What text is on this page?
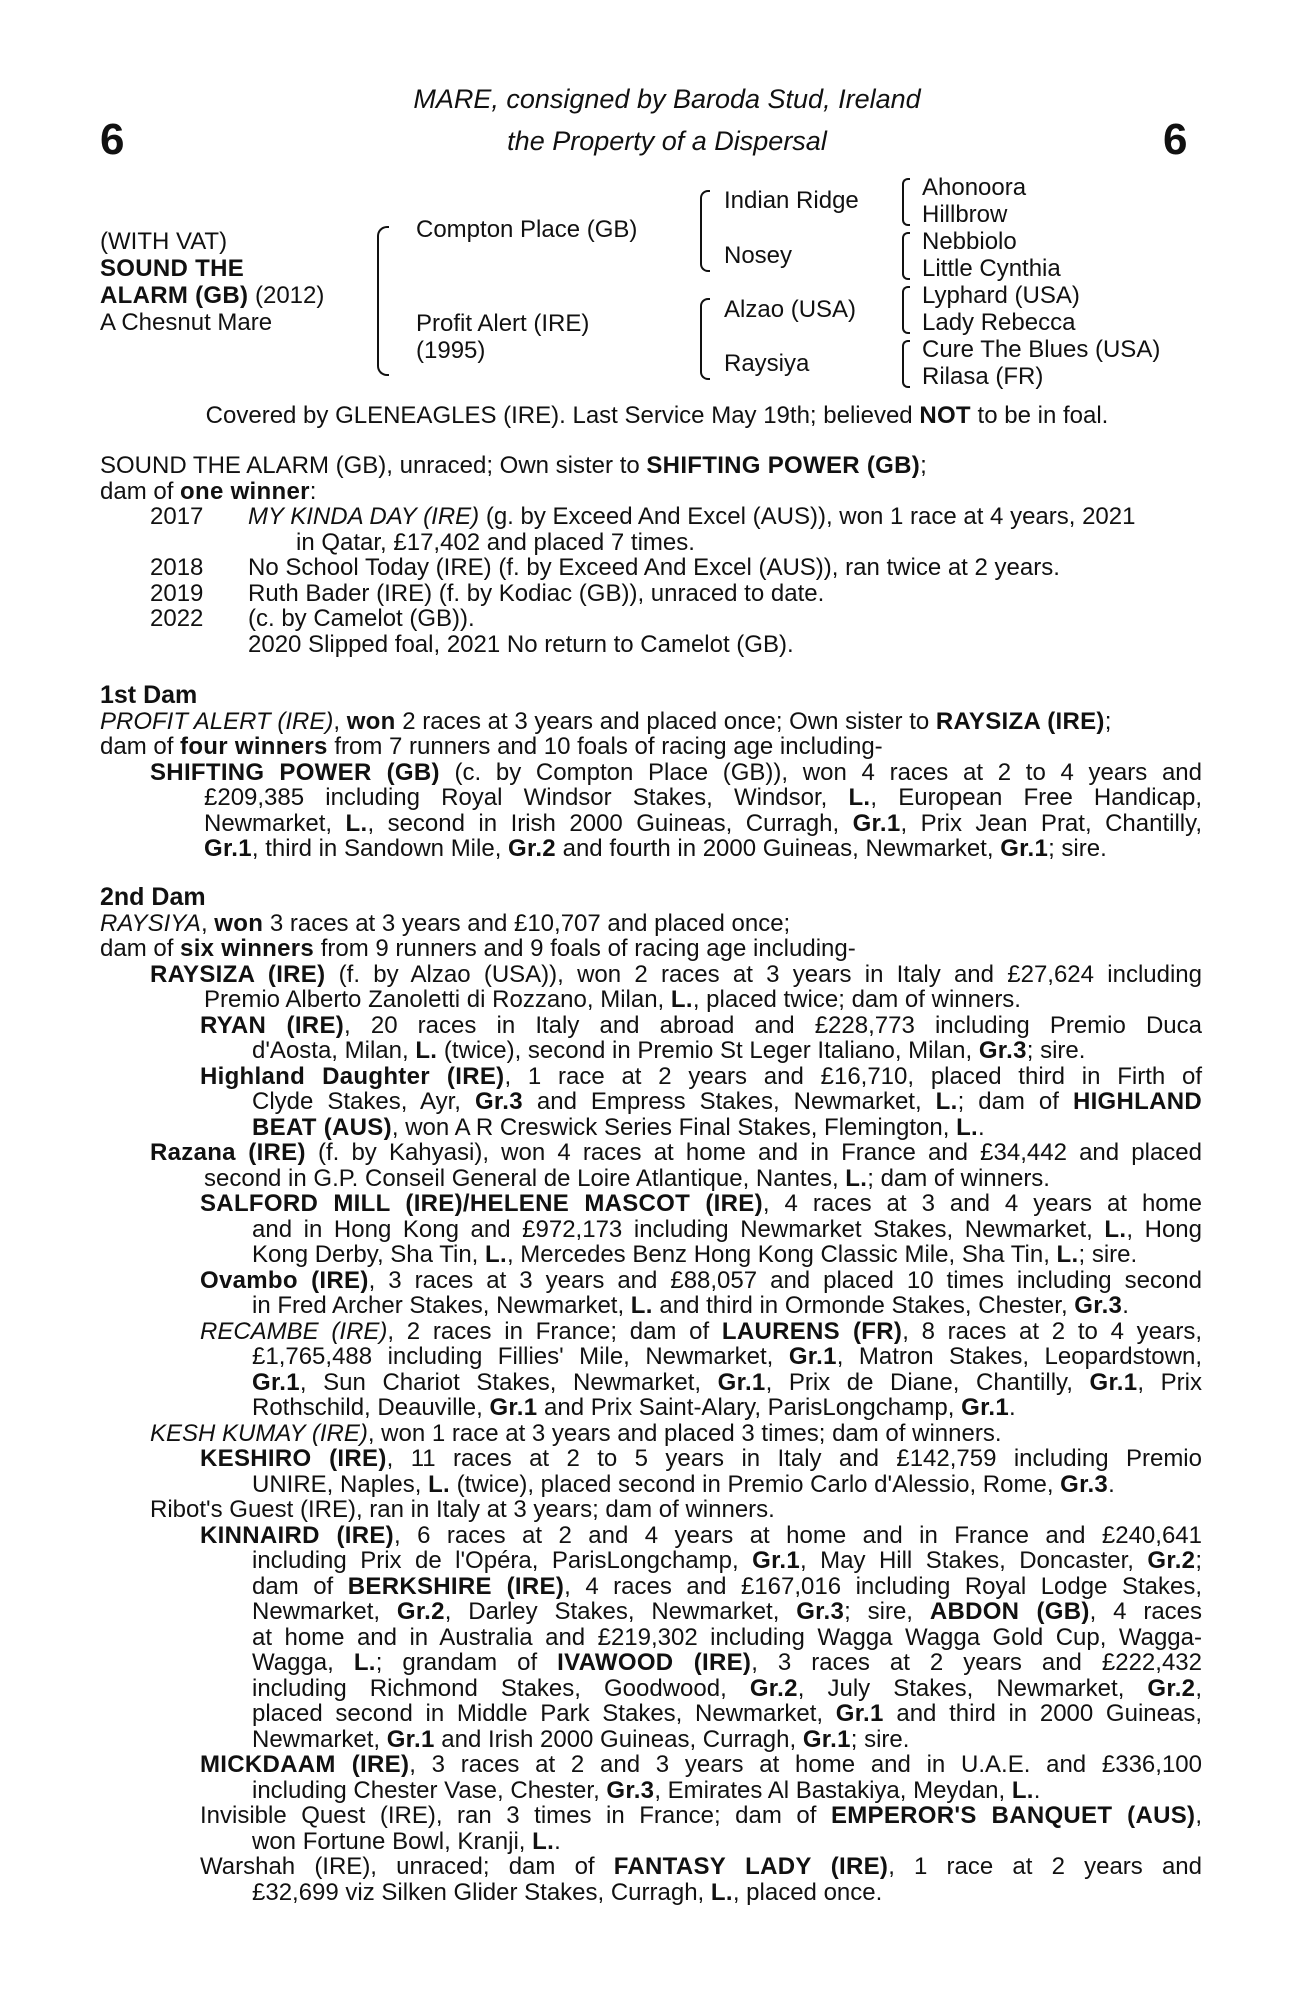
6	6
MARE, consigned by Baroda Stud, Ireland
the Property of a Dispersal
(WITH VAT)
SOUND THE
ALARM (GB) (2012)
A Chesnut Mare
Compton Place (GB)
Profit Alert (IRE)
(1995)
Indian Ridge
Nosey
Alzao (USA)
Raysiya
Ahonoora
Hillbrow
Nebbiolo
Little Cynthia
Lyphard (USA)
Lady Rebecca
Cure The Blues (USA)
Rilasa (FR)
Covered by GLENEAGLES (IRE). Last Service May 19th; believed NOT to be in foal.
SOUND THE ALARM (GB), unraced; Own sister to SHIFTING POWER (GB);
dam of one winner:
2017 MY KINDA DAY (IRE) (g. by Exceed And Excel (AUS)), won 1 race at 4 years, 2021
in Qatar, £17,402 and placed 7 times.
2018 No School Today (IRE) (f. by Exceed And Excel (AUS)), ran twice at 2 years.
2019 Ruth Bader (IRE) (f. by Kodiac (GB)), unraced to date.
2022 (c. by Camelot (GB)).
2020 Slipped foal, 2021 No return to Camelot (GB).
1st Dam
PROFIT ALERT (IRE), won 2 races at 3 years and placed once; Own sister to RAYSIZA (IRE);
dam of four winners from 7 runners and 10 foals of racing age including-
SHIFTING POWER (GB) (c. by Compton Place (GB)), won 4 races at 2 to 4 years and
£209,385 including Royal Windsor Stakes, Windsor, L., European Free Handicap,
Newmarket, L., second in Irish 2000 Guineas, Curragh, Gr.1, Prix Jean Prat, Chantilly,
Gr.1, third in Sandown Mile, Gr.2 and fourth in 2000 Guineas, Newmarket, Gr.1; sire.
2nd Dam
RAYSIYA, won 3 races at 3 years and £10,707 and placed once;
dam of six winners from 9 runners and 9 foals of racing age including-
RAYSIZA (IRE) (f. by Alzao (USA)), won 2 races at 3 years in Italy and £27,624 including
Premio Alberto Zanoletti di Rozzano, Milan, L., placed twice; dam of winners.
RYAN (IRE), 20 races in Italy and abroad and £228,773 including Premio Duca
d'Aosta, Milan, L. (twice), second in Premio St Leger Italiano, Milan, Gr.3; sire.
Highland Daughter (IRE), 1 race at 2 years and £16,710, placed third in Firth of
Clyde Stakes, Ayr, Gr.3 and Empress Stakes, Newmarket, L.; dam of HIGHLAND
BEAT (AUS), won A R Creswick Series Final Stakes, Flemington, L..
Razana (IRE) (f. by Kahyasi), won 4 races at home and in France and £34,442 and placed
second in G.P. Conseil General de Loire Atlantique, Nantes, L.; dam of winners.
SALFORD MILL (IRE)/HELENE MASCOT (IRE), 4 races at 3 and 4 years at home
and in Hong Kong and £972,173 including Newmarket Stakes, Newmarket, L., Hong
Kong Derby, Sha Tin, L., Mercedes Benz Hong Kong Classic Mile, Sha Tin, L.; sire.
Ovambo (IRE), 3 races at 3 years and £88,057 and placed 10 times including second
in Fred Archer Stakes, Newmarket, L. and third in Ormonde Stakes, Chester, Gr.3.
RECAMBE (IRE), 2 races in France; dam of LAURENS (FR), 8 races at 2 to 4 years,
£1,765,488 including Fillies' Mile, Newmarket, Gr.1, Matron Stakes, Leopardstown,
Gr.1, Sun Chariot Stakes, Newmarket, Gr.1, Prix de Diane, Chantilly, Gr.1, Prix
Rothschild, Deauville, Gr.1 and Prix Saint-Alary, ParisLongchamp, Gr.1.
KESH KUMAY (IRE), won 1 race at 3 years and placed 3 times; dam of winners.
KESHIRO (IRE), 11 races at 2 to 5 years in Italy and £142,759 including Premio
UNIRE, Naples, L. (twice), placed second in Premio Carlo d'Alessio, Rome, Gr.3.
Ribot's Guest (IRE), ran in Italy at 3 years; dam of winners.
KINNAIRD (IRE), 6 races at 2 and 4 years at home and in France and £240,641
including Prix de l'Opéra, ParisLongchamp, Gr.1, May Hill Stakes, Doncaster, Gr.2;
dam of BERKSHIRE (IRE), 4 races and £167,016 including Royal Lodge Stakes,
Newmarket, Gr.2, Darley Stakes, Newmarket, Gr.3; sire, ABDON (GB), 4 races
at home and in Australia and £219,302 including Wagga Wagga Gold Cup, Wagga-
Wagga, L.; grandam of IVAWOOD (IRE), 3 races at 2 years and £222,432
including Richmond Stakes, Goodwood, Gr.2, July Stakes, Newmarket, Gr.2,
placed second in Middle Park Stakes, Newmarket, Gr.1 and third in 2000 Guineas,
Newmarket, Gr.1 and Irish 2000 Guineas, Curragh, Gr.1; sire.
MICKDAAM (IRE), 3 races at 2 and 3 years at home and in U.A.E. and £336,100
including Chester Vase, Chester, Gr.3, Emirates Al Bastakiya, Meydan, L..
Invisible Quest (IRE), ran 3 times in France; dam of EMPEROR'S BANQUET (AUS),
won Fortune Bowl, Kranji, L..
Warshah (IRE), unraced; dam of FANTASY LADY (IRE), 1 race at 2 years and
£32,699 viz Silken Glider Stakes, Curragh, L., placed once.
